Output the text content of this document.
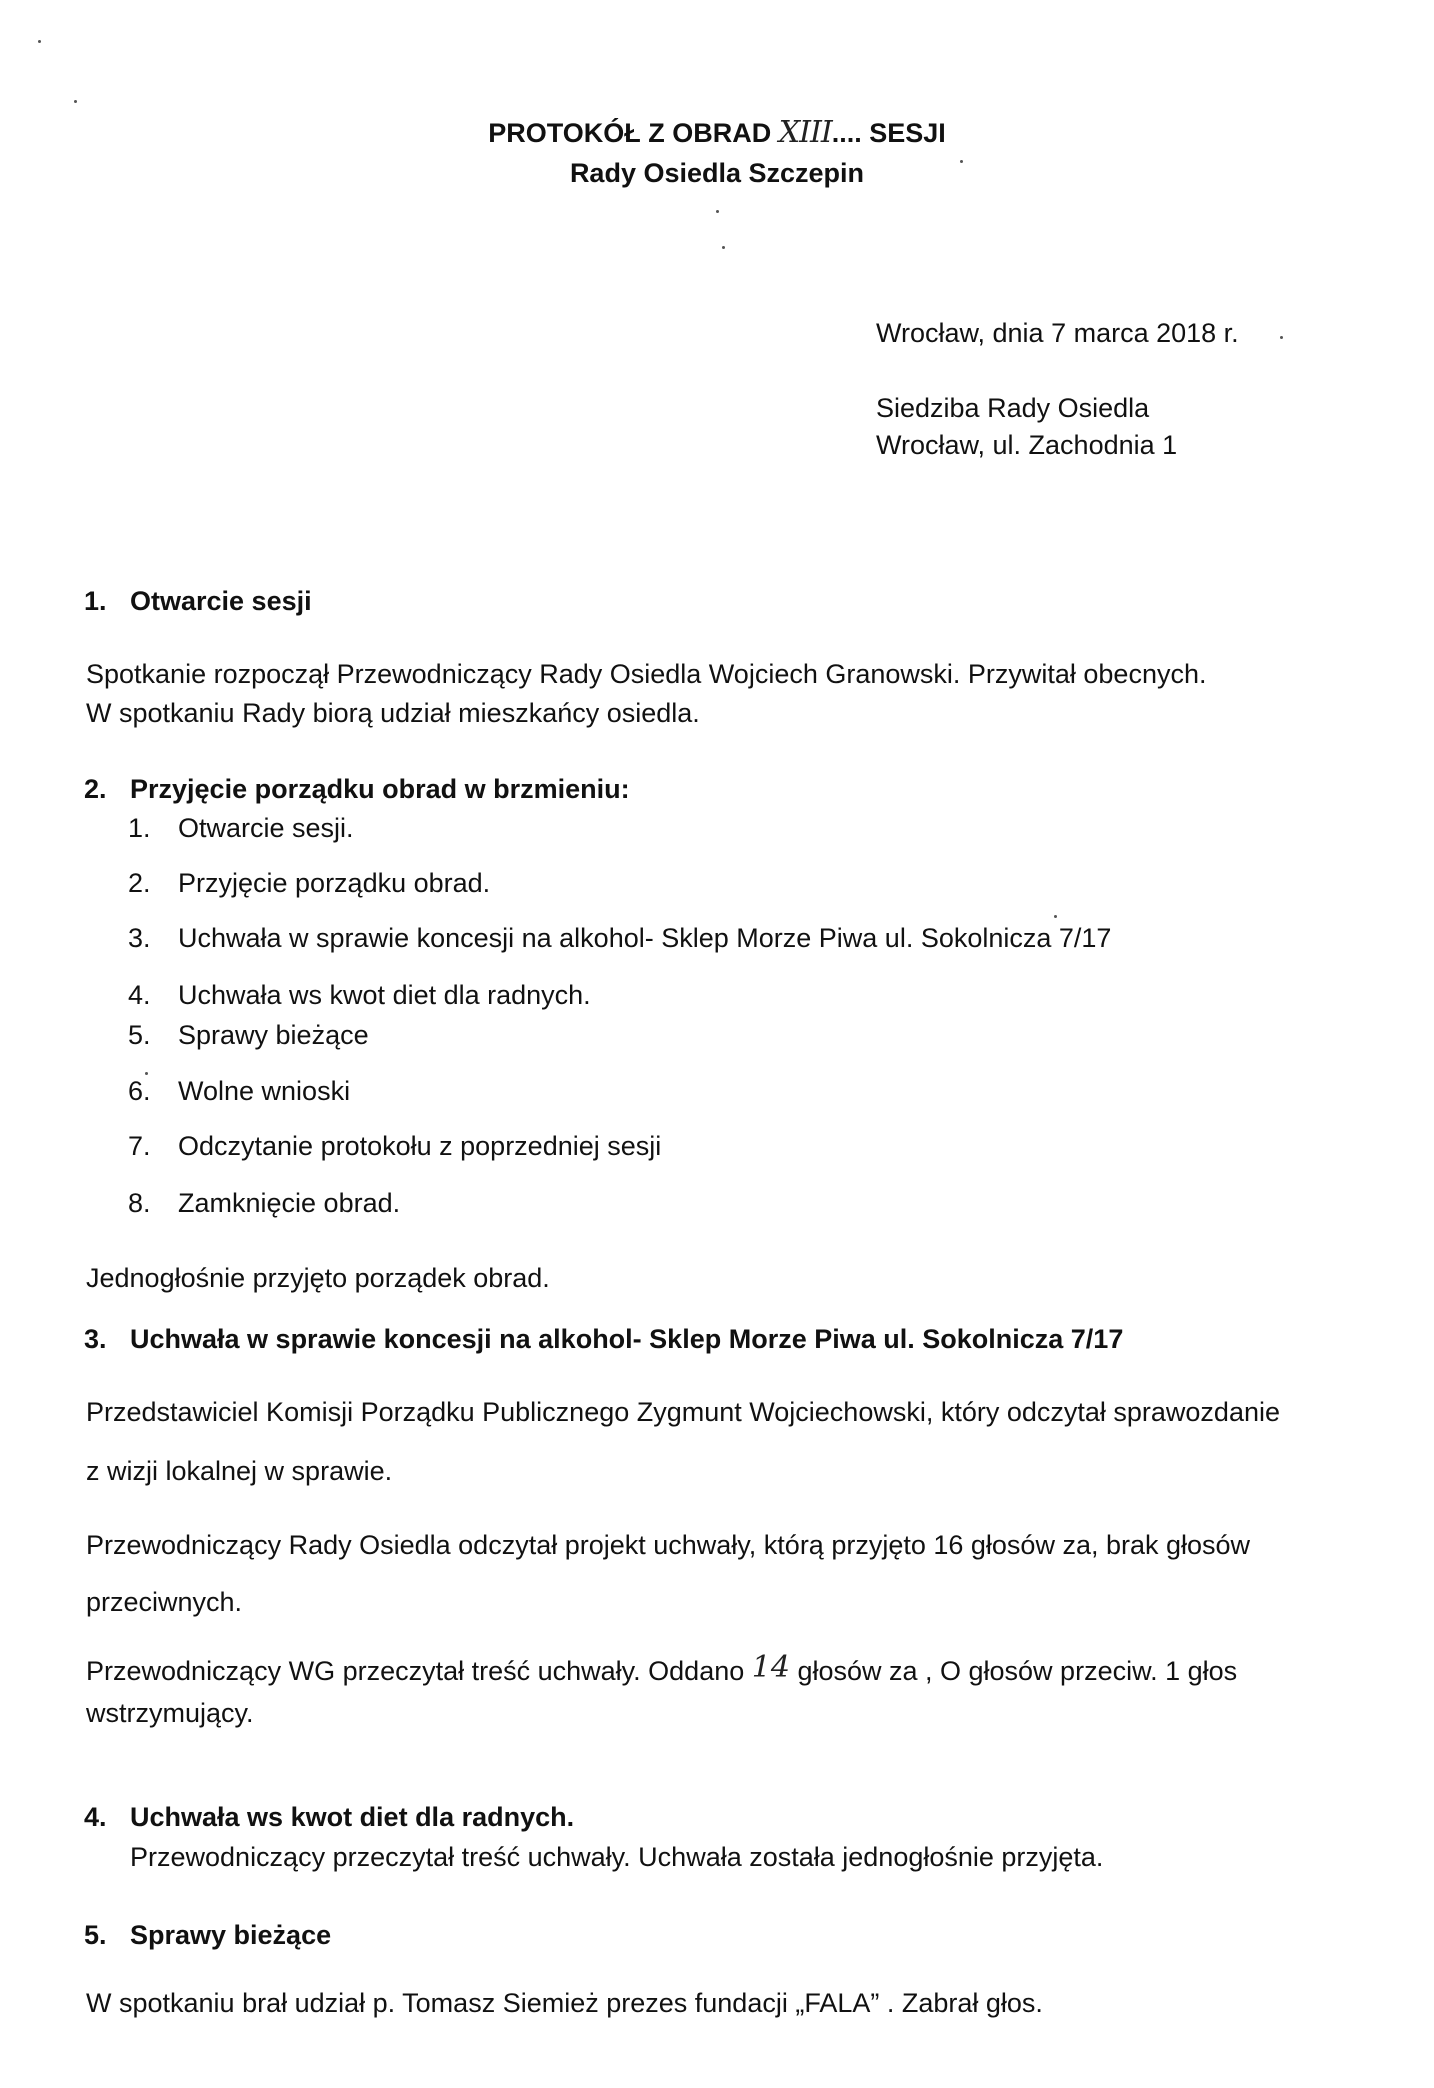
PROTOKÓŁ Z OBRAD XIII.... SESJI
Rady Osiedla Szczepin
Wrocław, dnia 7 marca 2018 r.
Siedziba Rady Osiedla
Wrocław, ul. Zachodnia 1
1. Otwarcie sesji
Spotkanie rozpoczął Przewodniczący Rady Osiedla Wojciech Granowski. Przywitał obecnych.
W spotkaniu Rady biorą udział mieszkańcy osiedla.
2. Przyjęcie porządku obrad w brzmieniu:
1. Otwarcie sesji.
2. Przyjęcie porządku obrad.
3. Uchwała w sprawie koncesji na alkohol- Sklep Morze Piwa ul. Sokolnicza 7/17
4. Uchwała ws kwot diet dla radnych.
5. Sprawy bieżące
6. Wolne wnioski
7. Odczytanie protokołu z poprzedniej sesji
8. Zamknięcie obrad.
Jednogłośnie przyjęto porządek obrad.
3. Uchwała w sprawie koncesji na alkohol- Sklep Morze Piwa ul. Sokolnicza 7/17
Przedstawiciel Komisji Porządku Publicznego Zygmunt Wojciechowski, który odczytał sprawozdanie
z wizji lokalnej w sprawie.
Przewodniczący Rady Osiedla odczytał projekt uchwały, którą przyjęto 16 głosów za, brak głosów
przeciwnych.
Przewodniczący WG przeczytał treść uchwały. Oddano 14 głosów za , O głosów przeciw. 1 głos
wstrzymujący.
4. Uchwała ws kwot diet dla radnych.
Przewodniczący przeczytał treść uchwały. Uchwała została jednogłośnie przyjęta.
5. Sprawy bieżące
W spotkaniu brał udział p. Tomasz Siemież prezes fundacji „FALA” . Zabrał głos.
